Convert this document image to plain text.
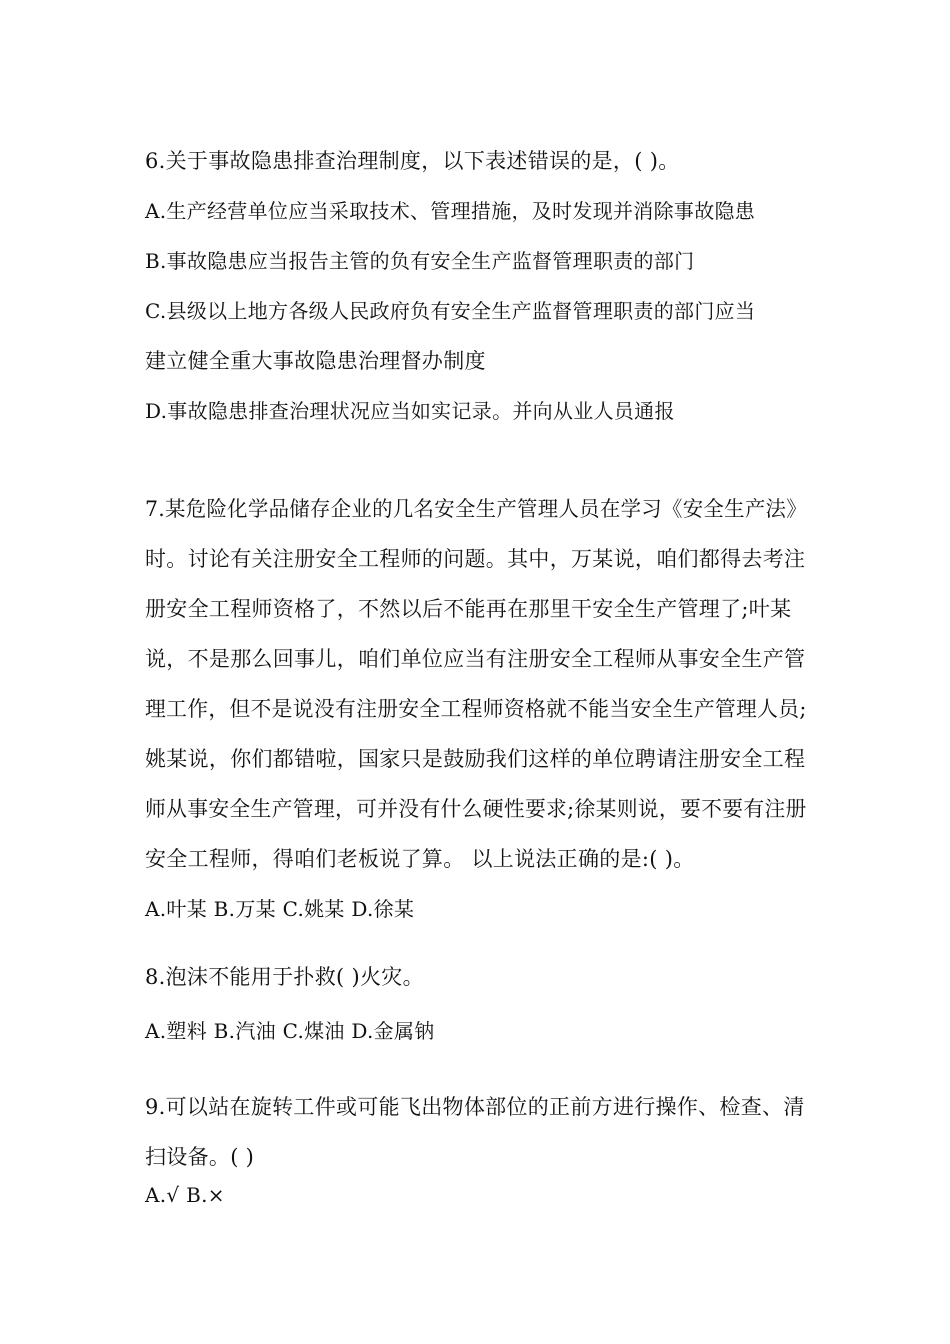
6.关于事故隐患排查治理制度，以下表述错误的是，( )。
A.生产经营单位应当采取技术、管理措施，及时发现并消除事故隐患
B.事故隐患应当报告主管的负有安全生产监督管理职责的部门
C.县级以上地方各级人民政府负有安全生产监督管理职责的部门应当
建立健全重大事故隐患治理督办制度
D.事故隐患排查治理状况应当如实记录。并向从业人员通报
7.某危险化学品储存企业的几名安全生产管理人员在学习《安全生产法》
时。讨论有关注册安全工程师的问题。其中，万某说，咱们都得去考注
册安全工程师资格了，不然以后不能再在那里干安全生产管理了;叶某
说，不是那么回事儿，咱们单位应当有注册安全工程师从事安全生产管
理工作，但不是说没有注册安全工程师资格就不能当安全生产管理人员;
姚某说，你们都错啦，国家只是鼓励我们这样的单位聘请注册安全工程
师从事安全生产管理，可并没有什么硬性要求;徐某则说，要不要有注册
安全工程师，得咱们老板说了算。 以上说法正确的是:( )。
A.叶某 B.万某 C.姚某 D.徐某
8.泡沫不能用于扑救( )火灾。
A.塑料 B.汽油 C.煤油 D.金属钠
9.可以站在旋转工件或可能飞出物体部位的正前方进行操作、检查、清
扫设备。( )
A.√ B.×
